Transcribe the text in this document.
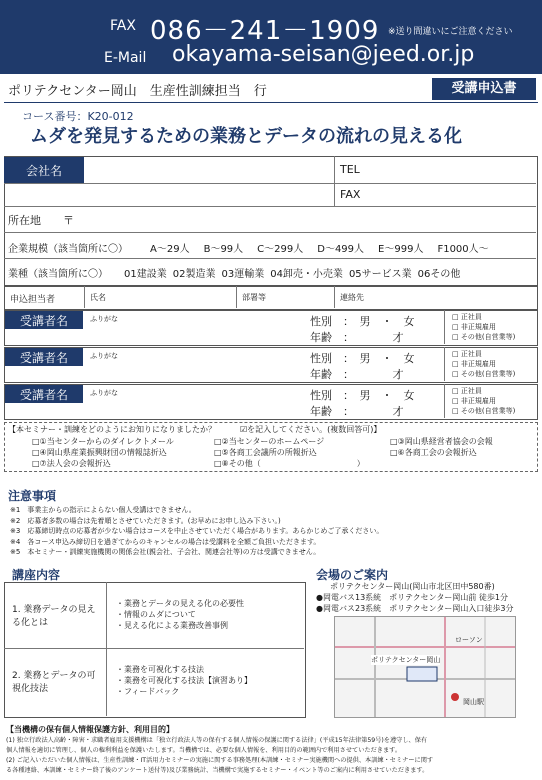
FAX 086－241－1909 ※送り間違いにご注意ください
E-Mail okayama-seisan@jeed.or.jp
ポリテクセンター岡山　生産性訓練担当　行	受講申込書
コース番号：K20-012
ムダを発見するための業務とデータの流れの見える化
会社名	TEL
FAX
所在地　　〒
企業規模（該当箇所に〇） A～29人 B～99人 C～299人 D～499人 E～999人 F1000人～
業種（該当箇所に〇） 01建設業 02製造業 03運輸業 04卸売・小売業 05サービス業 06その他
申込担当者	氏名	部署等	連絡先
受講者名	ふりがな	性別　：　男　・　女
年齢　：　　　　才
□ 正社員
□ 非正規雇用
□ その他(自営業等)
受講者名	ふりがな	性別　：　男　・　女
年齢　：　　　　才
□ 正社員
□ 非正規雇用
□ その他(自営業等)
受講者名	ふりがな	性別　：　男　・　女
年齢　：　　　　才
□ 正社員
□ 非正規雇用
□ その他(自営業等)
【本セミナー・訓練をどのようにお知りになりましたか？　　　☑を記入してください。(複数回答可)】
□①当センターからのダイレクトメール	□②当センターのホームページ	□③岡山県経営者協会の会報
□④岡山県産業振興財団の情報誌折込	□⑤各商工会議所の所報折込	□⑥各商工会の会報折込
□⑦法人会の会報折込	□⑧その他（　　　　　　　　　　　　）
注意事項
※1　事業主からの指示によらない個人受講はできません。
※2　応募者多数の場合は先着順とさせていただきます。(お早めにお申し込み下さい。)
※3　応募締切時点の応募者が少ない場合はコースを中止させていただく場合があります。あらかじめご了承ください。
※4　各コース申込み締切日を過ぎてからのキャンセルの場合は受講料を全額ご負担いただきます。
※5　本セミナー・訓練実施機関の関係会社(親会社、子会社、関連会社等)の方は受講できません。
講座内容
1. 業務データの見える化とは
・業務とデータの見える化の必要性
・情報のムダについて
・見える化による業務改善事例
2. 業務とデータの可視化技法
・業務を可視化する技法
・業務を可視化する技法【演習あり】
・フィードバック
会場のご案内
ポリテクセンター岡山(岡山市北区田中580番)
●岡電バス13系統　ポリテクセンター岡山前 徒歩1分
●岡電バス23系統　ポリテクセンター岡山入口徒歩3分
ポリテクセンター岡山
岡山駅
ローソン
【当機構の保有個人情報保護方針、利用目的】
(1) 独立行政法人高齢・障害・求職者雇用支援機構は「独立行政法人等の保有する個人情報の保護に関する法律」(平成15年法律第59号)を遵守し、保有
個人情報を適切に管理し、個人の権利利益を保護いたします。当機構では、必要な個人情報を、利用目的の範囲内で利用させていただきます。
(2) ご記入いただいた個人情報は、生産性訓練・IT活用力セミナーの実施に関する事務処理(本訓練・セミナー実施機関への提供、本訓練・セミナーに関す
る各種連絡、本訓練・セミナー終了後のアンケート送付等)及び業務統計、当機構で実施するセミナー・イベント等のご案内に利用させていただきます。
